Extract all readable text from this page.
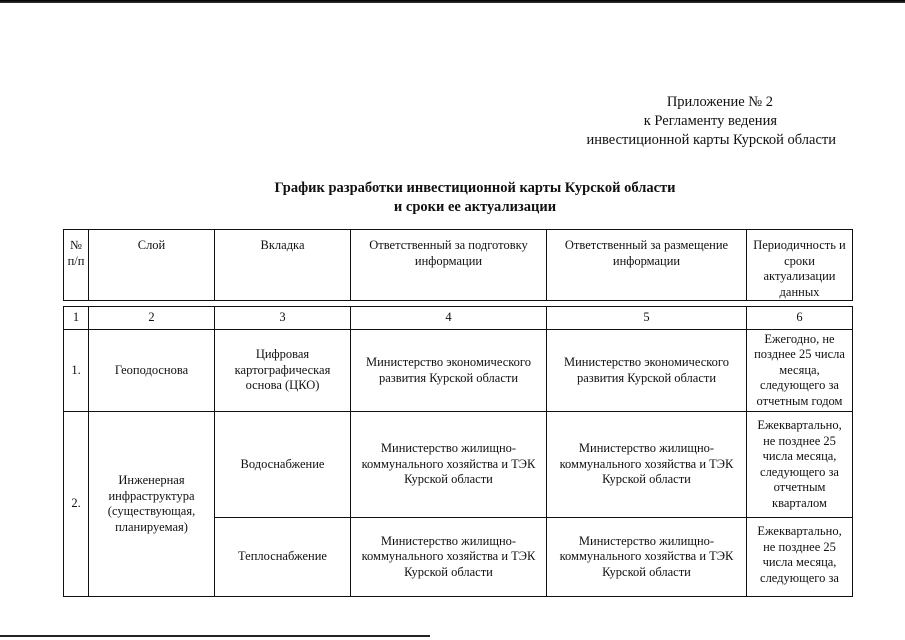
Приложение № 2
к Регламенту ведения
инвестиционной карты Курской области
График разработки инвестиционной карты Курской области
и сроки ее актуализации
№ п/п	Слой	Вкладка	Ответственный за подготовку информации	Ответственный за размещение информации	Периодичность и сроки актуализации данных

1	2	3	4	5	6
1.	Геоподоснова	Цифровая картографическая основа (ЦКО)	Министерство экономического развития Курской области	Министерство экономического развития Курской области	Ежегодно, не позднее 25 числа месяца, следующего за отчетным годом
2.	Инженерная инфраструктура (существующая, планируемая)	Водоснабжение	Министерство жилищно-коммунального хозяйства и ТЭК Курской области	Министерство жилищно-коммунального хозяйства и ТЭК Курской области	Ежеквартально, не позднее 25 числа месяца, следующего за отчетным кварталом
		Теплоснабжение	Министерство жилищно-коммунального хозяйства и ТЭК Курской области	Министерство жилищно-коммунального хозяйства и ТЭК Курской области	Ежеквартально, не позднее 25 числа месяца, следующего за
